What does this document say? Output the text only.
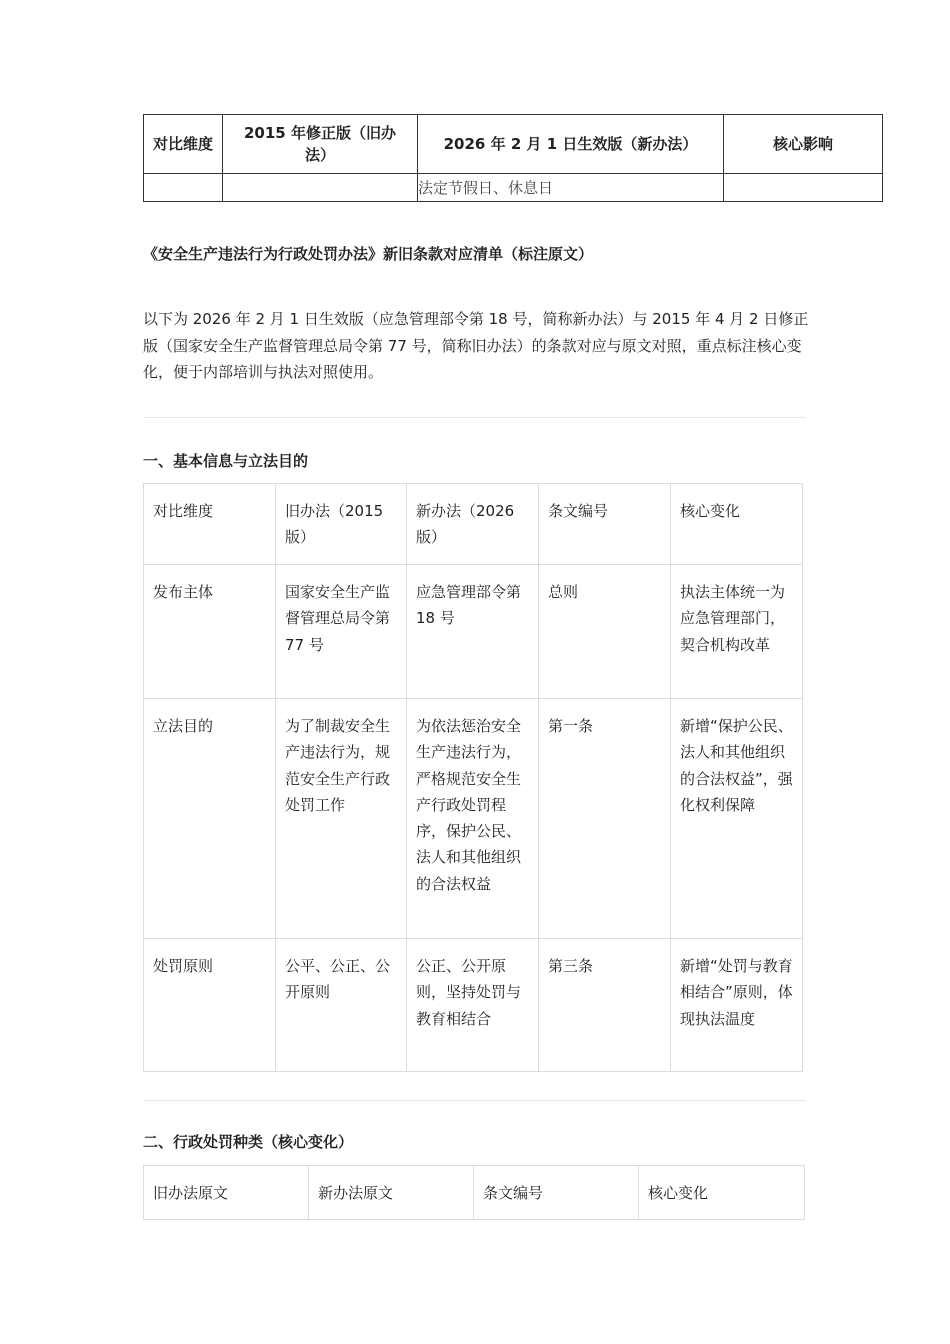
对比维度	2015 年修正版（旧办法）	2026 年 2 月 1 日生效版（新办法）	核心影响
		法定节假日、休息日	
《安全生产违法行为行政处罚办法》新旧条款对应清单（标注原文）
以下为 2026 年 2 月 1 日生效版（应急管理部令第 18 号，简称新办法）与 2015 年 4 月 2 日修正版（国家安全生产监督管理总局令第 77 号，简称旧办法）的条款对应与原文对照，重点标注核心变化，便于内部培训与执法对照使用。
一、基本信息与立法目的
对比维度	旧办法（2015 版）	新办法（2026 版）	条文编号	核心变化
发布主体	国家安全生产监督管理总局令第 77 号	应急管理部令第 18 号	总则	执法主体统一为应急管理部门，契合机构改革
立法目的	为了制裁安全生产违法行为，规范安全生产行政处罚工作	为依法惩治安全生产违法行为，严格规范安全生产行政处罚程序，保护公民、法人和其他组织的合法权益	第一条	新增“保护公民、法人和其他组织的合法权益”，强化权利保障
处罚原则	公平、公正、公开原则	公正、公开原则，坚持处罚与教育相结合	第三条	新增“处罚与教育相结合”原则，体现执法温度
二、行政处罚种类（核心变化）
旧办法原文	新办法原文	条文编号	核心变化
